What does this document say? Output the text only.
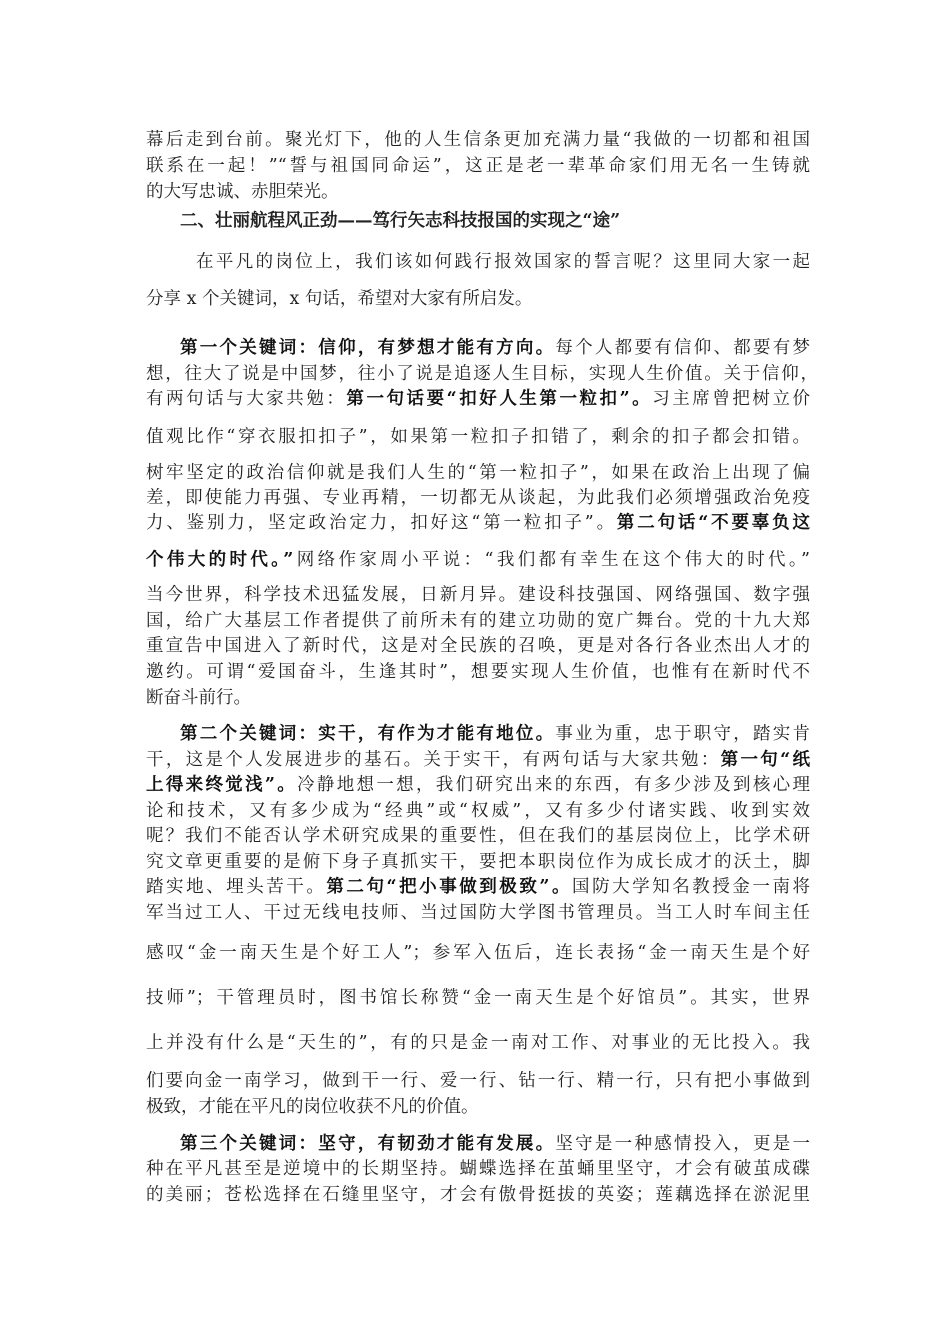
幕后走到台前。聚光灯下，他的人生信条更加充满力量“我做的一切都和祖国
联系在一起！”“誓与祖国同命运”，这正是老一辈革命家们用无名一生铸就
的大写忠诚、赤胆荣光。
二、壮丽航程风正劲——笃行矢志科技报国的实现之“途”
在平凡的岗位上，我们该如何践行报效国家的誓言呢？这里同大家一起
分享 x 个关键词，x 句话，希望对大家有所启发。
第一个关键词：信仰，有梦想才能有方向。每个人都要有信仰、都要有梦
想，往大了说是中国梦，往小了说是追逐人生目标，实现人生价值。关于信仰，
有两句话与大家共勉：第一句话要“扣好人生第一粒扣”。习主席曾把树立价
值观比作“穿衣服扣扣子”，如果第一粒扣子扣错了，剩余的扣子都会扣错。
树牢坚定的政治信仰就是我们人生的“第一粒扣子”，如果在政治上出现了偏
差，即使能力再强、专业再精，一切都无从谈起，为此我们必须增强政治免疫
力、鉴别力，坚定政治定力，扣好这“第一粒扣子”。第二句话“不要辜负这
个伟大的时代。”网络作家周小平说：“我们都有幸生在这个伟大的时代。”
当今世界，科学技术迅猛发展，日新月异。建设科技强国、网络强国、数字强
国，给广大基层工作者提供了前所未有的建立功勋的宽广舞台。党的十九大郑
重宣告中国进入了新时代，这是对全民族的召唤，更是对各行各业杰出人才的
邀约。可谓“爱国奋斗，生逢其时”，想要实现人生价值，也惟有在新时代不
断奋斗前行。
第二个关键词：实干，有作为才能有地位。事业为重，忠于职守，踏实肯
干，这是个人发展进步的基石。关于实干，有两句话与大家共勉：第一句“纸
上得来终觉浅”。冷静地想一想，我们研究出来的东西，有多少涉及到核心理
论和技术，又有多少成为“经典”或“权威”，又有多少付诸实践、收到实效
呢？我们不能否认学术研究成果的重要性，但在我们的基层岗位上，比学术研
究文章更重要的是俯下身子真抓实干，要把本职岗位作为成长成才的沃土，脚
踏实地、埋头苦干。第二句“把小事做到极致”。国防大学知名教授金一南将
军当过工人、干过无线电技师、当过国防大学图书管理员。当工人时车间主任
感叹“金一南天生是个好工人”；参军入伍后，连长表扬“金一南天生是个好
技师”；干管理员时，图书馆长称赞“金一南天生是个好馆员”。其实，世界
上并没有什么是“天生的”，有的只是金一南对工作、对事业的无比投入。我
们要向金一南学习，做到干一行、爱一行、钻一行、精一行，只有把小事做到
极致，才能在平凡的岗位收获不凡的价值。
第三个关键词：坚守，有韧劲才能有发展。坚守是一种感情投入，更是一
种在平凡甚至是逆境中的长期坚持。蝴蝶选择在茧蛹里坚守，才会有破茧成碟
的美丽；苍松选择在石缝里坚守，才会有傲骨挺拔的英姿；莲藕选择在淤泥里
